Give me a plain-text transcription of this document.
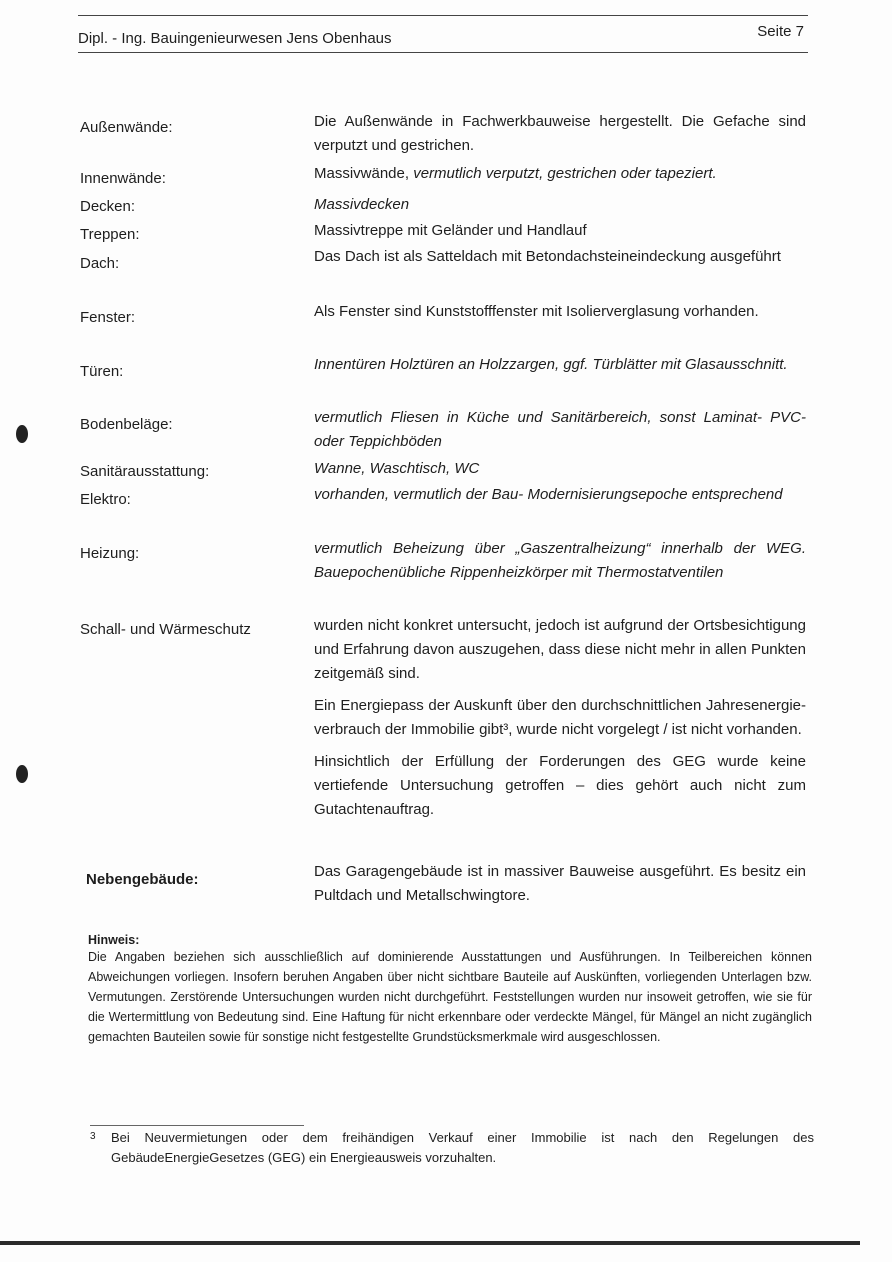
Dipl. - Ing. Bauingenieurwesen Jens Obenhaus	Seite 7
Außenwände:	Die Außenwände in Fachwerkbauweise hergestellt. Die Gefache sind verputzt und gestrichen.
Innenwände:	Massivwände, vermutlich verputzt, gestrichen oder tapeziert.
Decken:	Massivdecken
Treppen:	Massivtreppe mit Geländer und Handlauf
Dach:	Das Dach ist als Satteldach mit Betondachsteineindeckung ausgeführt
Fenster:	Als Fenster sind Kunststofffenster mit Isolierverglasung vorhanden.
Türen:	Innentüren Holztüren an Holzzargen, ggf. Türblätter mit Glasausschnitt.
Bodenbeläge:	vermutlich Fliesen in Küche und Sanitärbereich, sonst Laminat- PVC- oder Teppichböden
Sanitärausstattung:	Wanne, Waschtisch, WC
Elektro:	vorhanden, vermutlich der Bau- Modernisierungsepoche entsprechend
Heizung:	vermutlich Beheizung über „Gaszentralheizung“ innerhalb der WEG. Bauepochenübliche Rippenheizkörper mit Thermostatventilen
Schall- und Wärmeschutz	wurden nicht konkret untersucht, jedoch ist aufgrund der Ortsbesichtigung und Erfahrung davon auszugehen, dass diese nicht mehr in allen Punkten zeitgemäß sind.

Ein Energiepass der Auskunft über den durchschnittlichen Jahresenergie-verbrauch der Immobilie gibt³, wurde nicht vorgelegt / ist nicht vorhanden.

Hinsichtlich der Erfüllung der Forderungen des GEG wurde keine vertiefende Untersuchung getroffen – dies gehört auch nicht zum Gutachtenauftrag.

Nebengebäude:	Das Garagengebäude ist in massiver Bauweise ausgeführt. Es besitz ein Pultdach und Metallschwingtore.
Hinweis:
Die Angaben beziehen sich ausschließlich auf dominierende Ausstattungen und Ausführungen. In Teilbereichen können Abweichungen vorliegen. Insofern beruhen Angaben über nicht sichtbare Bauteile auf Auskünften, vorliegenden Unterlagen bzw. Vermutungen. Zerstörende Untersuchungen wurden nicht durchgeführt. Feststellungen wurden nur insoweit getroffen, wie sie für die Wertermittlung von Bedeutung sind. Eine Haftung für nicht erkennbare oder verdeckte Mängel, für Mängel an nicht zugänglich gemachten Bauteilen sowie für sonstige nicht festgestellte Grundstücksmerkmale wird ausgeschlossen.
3 Bei Neuvermietungen oder dem freihändigen Verkauf einer Immobilie ist nach den Regelungen des GebäudeEnergieGesetzes (GEG) ein Energieausweis vorzuhalten.
